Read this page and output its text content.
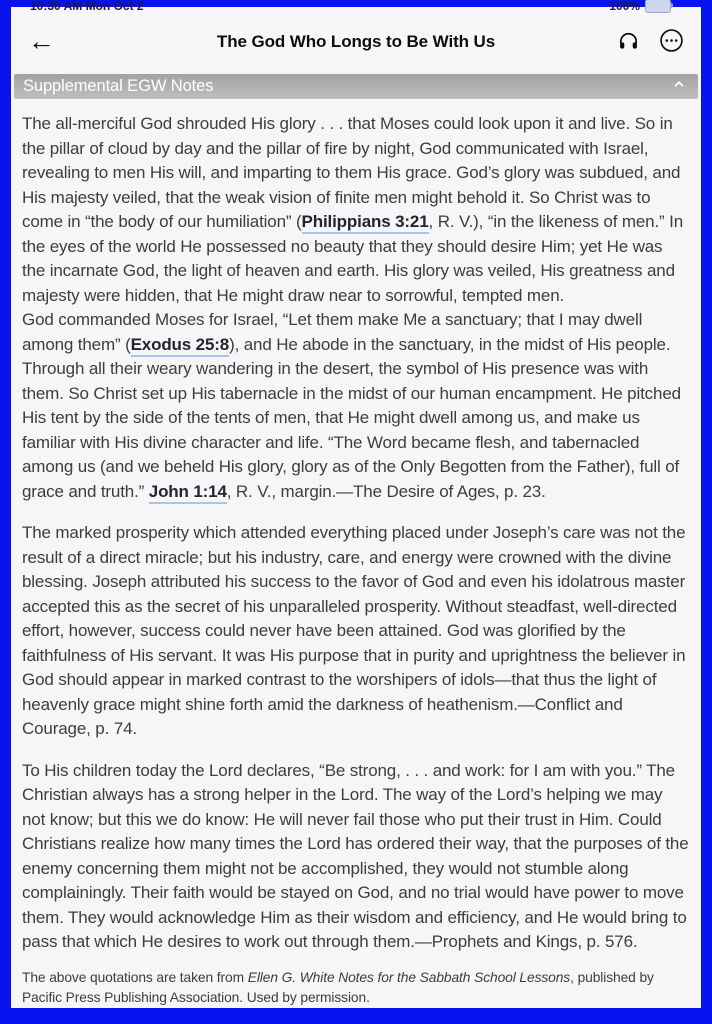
10:30 AM Mon Oct 2	100%
←	The God Who Longs to Be With Us
Supplemental EGW Notes

The all-merciful God shrouded His glory . . . that Moses could look upon it and live. So in the pillar of cloud by day and the pillar of fire by night, God communicated with Israel, revealing to men His will, and imparting to them His grace. God’s glory was subdued, and His majesty veiled, that the weak vision of finite men might behold it. So Christ was to come in “the body of our humiliation” (Philippians 3:21, R. V.), “in the likeness of men.” In the eyes of the world He possessed no beauty that they should desire Him; yet He was the incarnate God, the light of heaven and earth. His glory was veiled, His greatness and majesty were hidden, that He might draw near to sorrowful, tempted men.
God commanded Moses for Israel, “Let them make Me a sanctuary; that I may dwell among them” (Exodus 25:8), and He abode in the sanctuary, in the midst of His people. Through all their weary wandering in the desert, the symbol of His presence was with them. So Christ set up His tabernacle in the midst of our human encampment. He pitched His tent by the side of the tents of men, that He might dwell among us, and make us familiar with His divine character and life. “The Word became flesh, and tabernacled among us (and we beheld His glory, glory as of the Only Begotten from the Father), full of grace and truth.” John 1:14, R. V., margin.—The Desire of Ages, p. 23.

The marked prosperity which attended everything placed under Joseph’s care was not the result of a direct miracle; but his industry, care, and energy were crowned with the divine blessing. Joseph attributed his success to the favor of God and even his idolatrous master accepted this as the secret of his unparalleled prosperity. Without steadfast, well-directed effort, however, success could never have been attained. God was glorified by the faithfulness of His servant. It was His purpose that in purity and uprightness the believer in God should appear in marked contrast to the worshipers of idols—that thus the light of heavenly grace might shine forth amid the darkness of heathenism.—Conflict and Courage, p. 74.

To His children today the Lord declares, “Be strong, . . . and work: for I am with you.” The Christian always has a strong helper in the Lord. The way of the Lord’s helping we may not know; but this we do know: He will never fail those who put their trust in Him. Could Christians realize how many times the Lord has ordered their way, that the purposes of the enemy concerning them might not be accomplished, they would not stumble along complainingly. Their faith would be stayed on God, and no trial would have power to move them. They would acknowledge Him as their wisdom and efficiency, and He would bring to pass that which He desires to work out through them.—Prophets and Kings, p. 576.

The above quotations are taken from Ellen G. White Notes for the Sabbath School Lessons, published by Pacific Press Publishing Association. Used by permission.
